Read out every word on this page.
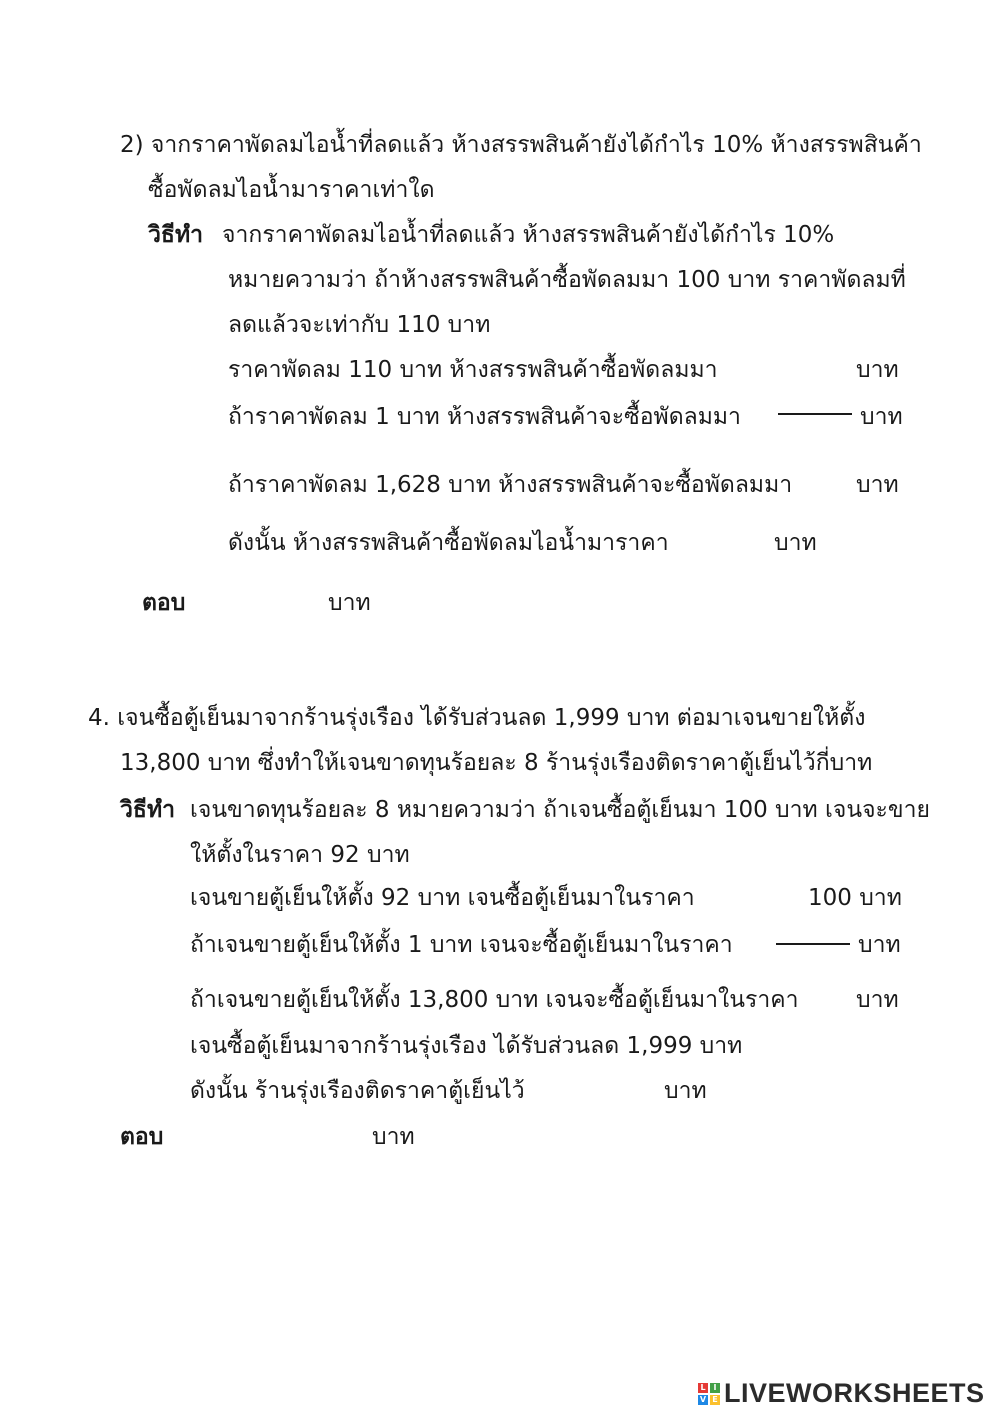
2) จากราคาพัดลมไอน้ำที่ลดแล้ว ห้างสรรพสินค้ายังได้กำไร 10% ห้างสรรพสินค้า
ซื้อพัดลมไอน้ำมาราคาเท่าใด
วิธีทำ จากราคาพัดลมไอน้ำที่ลดแล้ว ห้างสรรพสินค้ายังได้กำไร 10%
หมายความว่า ถ้าห้างสรรพสินค้าซื้อพัดลมมา 100 บาท ราคาพัดลมที่
ลดแล้วจะเท่ากับ 110 บาท
ราคาพัดลม 110 บาท ห้างสรรพสินค้าซื้อพัดลมมา	บาท
ถ้าราคาพัดลม 1 บาท ห้างสรรพสินค้าจะซื้อพัดลมมา	บาท
ถ้าราคาพัดลม 1,628 บาท ห้างสรรพสินค้าจะซื้อพัดลมมา	บาท
ดังนั้น ห้างสรรพสินค้าซื้อพัดลมไอน้ำมาราคา	บาท
ตอบ	บาท
4. เจนซื้อตู้เย็นมาจากร้านรุ่งเรือง ได้รับส่วนลด 1,999 บาท ต่อมาเจนขายให้ตั้ง
13,800 บาท ซึ่งทำให้เจนขาดทุนร้อยละ 8 ร้านรุ่งเรืองติดราคาตู้เย็นไว้กี่บาท
วิธีทำ เจนขาดทุนร้อยละ 8 หมายความว่า ถ้าเจนซื้อตู้เย็นมา 100 บาท เจนจะขาย
ให้ตั้งในราคา 92 บาท
เจนขายตู้เย็นให้ตั้ง 92 บาท เจนซื้อตู้เย็นมาในราคา	100 บาท
ถ้าเจนขายตู้เย็นให้ตั้ง 1 บาท เจนจะซื้อตู้เย็นมาในราคา	บาท
ถ้าเจนขายตู้เย็นให้ตั้ง 13,800 บาท เจนจะซื้อตู้เย็นมาในราคา บาท
เจนซื้อตู้เย็นมาจากร้านรุ่งเรือง ได้รับส่วนลด 1,999 บาท
ดังนั้น ร้านรุ่งเรืองติดราคาตู้เย็นไว้	บาท
ตอบ	บาท
L I
V E LIVEWORKSHEETS
